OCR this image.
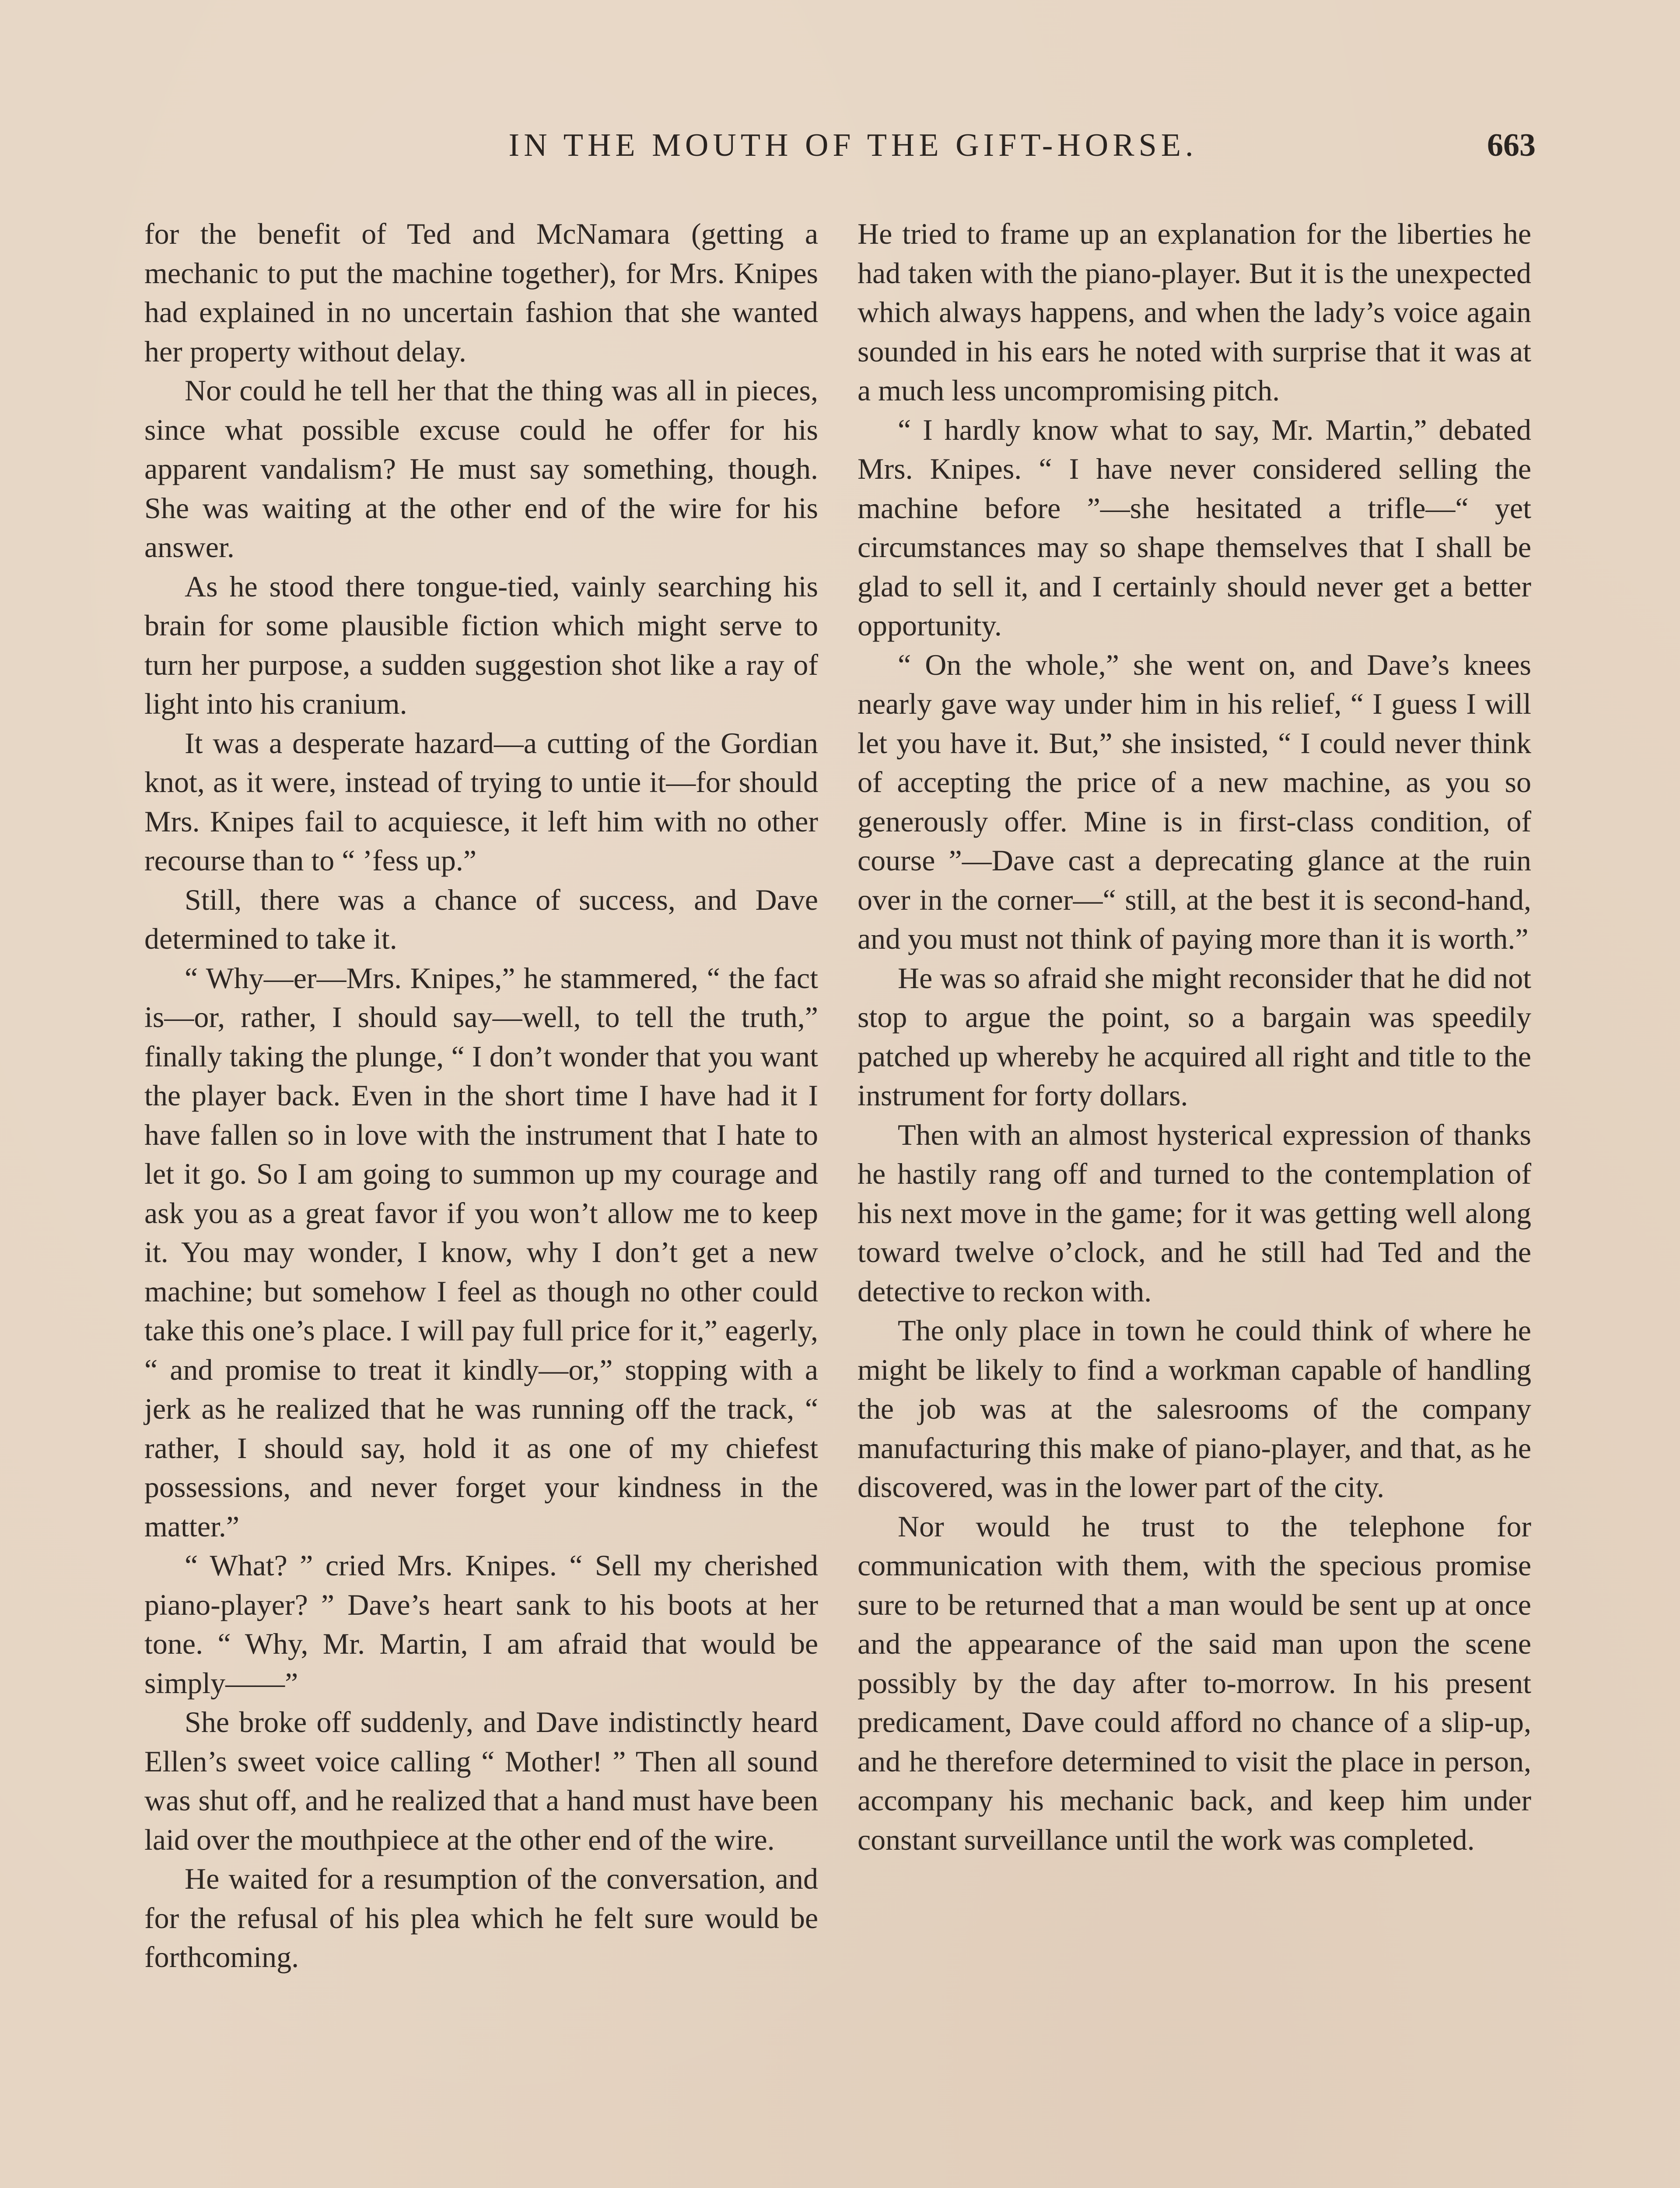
IN THE MOUTH OF THE GIFT-HORSE.	663

for the benefit of Ted and McNamara (getting a mechanic to put the machine together), for Mrs. Knipes had explained in no uncertain fashion that she wanted her property without delay.

Nor could he tell her that the thing was all in pieces, since what possible excuse could he offer for his apparent vandalism? He must say something, though. She was waiting at the other end of the wire for his answer.

As he stood there tongue-tied, vainly searching his brain for some plausible fiction which might serve to turn her purpose, a sudden suggestion shot like a ray of light into his cranium.

It was a desperate hazard—a cutting of the Gordian knot, as it were, instead of trying to untie it—for should Mrs. Knipes fail to acquiesce, it left him with no other recourse than to “ ’fess up.”

Still, there was a chance of success, and Dave determined to take it.

“ Why—er—Mrs. Knipes,” he stammered, “ the fact is—or, rather, I should say—well, to tell the truth,” finally taking the plunge, “ I don’t wonder that you want the player back. Even in the short time I have had it I have fallen so in love with the instrument that I hate to let it go. So I am going to summon up my courage and ask you as a great favor if you won’t allow me to keep it. You may wonder, I know, why I don’t get a new machine; but somehow I feel as though no other could take this one’s place. I will pay full price for it,” eagerly, “ and promise to treat it kindly—or,” stopping with a jerk as he realized that he was running off the track, “ rather, I should say, hold it as one of my chiefest possessions, and never forget your kindness in the matter.”

“ What? ” cried Mrs. Knipes. “ Sell my cherished piano-player? ” Dave’s heart sank to his boots at her tone. “ Why, Mr. Martin, I am afraid that would be simply——”

She broke off suddenly, and Dave indistinctly heard Ellen’s sweet voice calling “ Mother! ” Then all sound was shut off, and he realized that a hand must have been laid over the mouthpiece at the other end of the wire.

He waited for a resumption of the conversation, and for the refusal of his plea which he felt sure would be forthcoming.

He tried to frame up an explanation for the liberties he had taken with the piano-player. But it is the unexpected which always happens, and when the lady’s voice again sounded in his ears he noted with surprise that it was at a much less uncompromising pitch.

“ I hardly know what to say, Mr. Martin,” debated Mrs. Knipes. “ I have never considered selling the machine before ”—she hesitated a trifle—“ yet circumstances may so shape themselves that I shall be glad to sell it, and I certainly should never get a better opportunity.

“ On the whole,” she went on, and Dave’s knees nearly gave way under him in his relief, “ I guess I will let you have it. But,” she insisted, “ I could never think of accepting the price of a new machine, as you so generously offer. Mine is in first-class condition, of course ”—Dave cast a deprecating glance at the ruin over in the corner—“ still, at the best it is second-hand, and you must not think of paying more than it is worth.”

He was so afraid she might reconsider that he did not stop to argue the point, so a bargain was speedily patched up whereby he acquired all right and title to the instrument for forty dollars.

Then with an almost hysterical expression of thanks he hastily rang off and turned to the contemplation of his next move in the game; for it was getting well along toward twelve o’clock, and he still had Ted and the detective to reckon with.

The only place in town he could think of where he might be likely to find a workman capable of handling the job was at the salesrooms of the company manufacturing this make of piano-player, and that, as he discovered, was in the lower part of the city.

Nor would he trust to the telephone for communication with them, with the specious promise sure to be returned that a man would be sent up at once and the appearance of the said man upon the scene possibly by the day after to-morrow. In his present predicament, Dave could afford no chance of a slip-up, and he therefore determined to visit the place in person, accompany his mechanic back, and keep him under constant surveillance until the work was completed.
